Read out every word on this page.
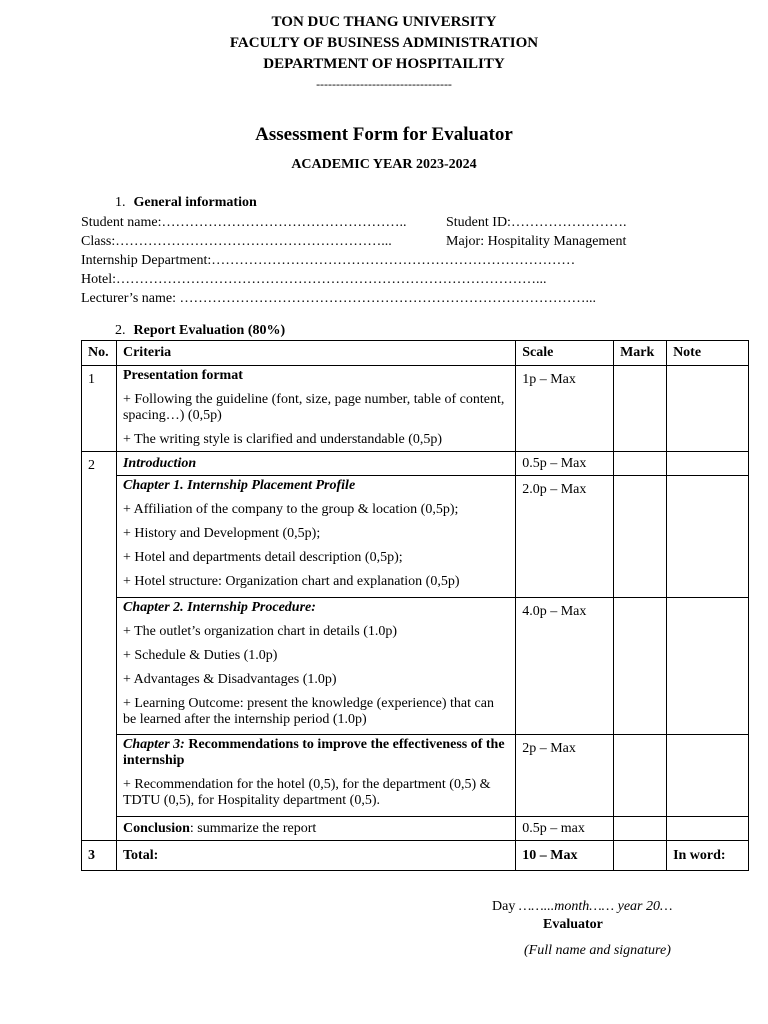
TON DUC THANG UNIVERSITY
FACULTY OF BUSINESS ADMINISTRATION
DEPARTMENT OF HOSPITAILITY
----------------------------------
Assessment Form for Evaluator
ACADEMIC YEAR 2023-2024
1. General information
Student name:……………………………………………..	Student ID:…………………….
Class:…………………………………………………...	Major: Hospitality Management
Internship Department:……………………………………………………………………
Hotel:………………………………………………………………………………...
Lecturer’s name: ……………………………………………………………………………...
2. Report Evaluation (80%)
No.	Criteria	Scale	Mark	Note
1	Presentation format
+ Following the guideline (font, size, page number, table of content, spacing…) (0,5p)
+ The writing style is clarified and understandable (0,5p)	1p – Max		
2	Introduction	0.5p – Max		

	Chapter 1. Internship Placement Profile
+ Affiliation of the company to the group & location (0,5p);
+ History and Development (0,5p);
+ Hotel and departments detail description (0,5p);
+ Hotel structure: Organization chart and explanation (0,5p)	2.0p – Max		

	Chapter 2. Internship Procedure:
+ The outlet’s organization chart in details (1.0p)
+ Schedule & Duties (1.0p)
+ Advantages & Disadvantages (1.0p)
+ Learning Outcome: present the knowledge (experience) that can be learned after the internship period (1.0p)	4.0p – Max		

	Chapter 3: Recommendations to improve the effectiveness of the internship
+ Recommendation for the hotel (0,5), for the department (0,5) & TDTU (0,5), for Hospitality department (0,5).	2p – Max		
	Conclusion: summarize the report	0.5p – max		
3	Total:	10 – Max		In word:
Day ……...month…… year 20…
Evaluator
(Full name and signature)
